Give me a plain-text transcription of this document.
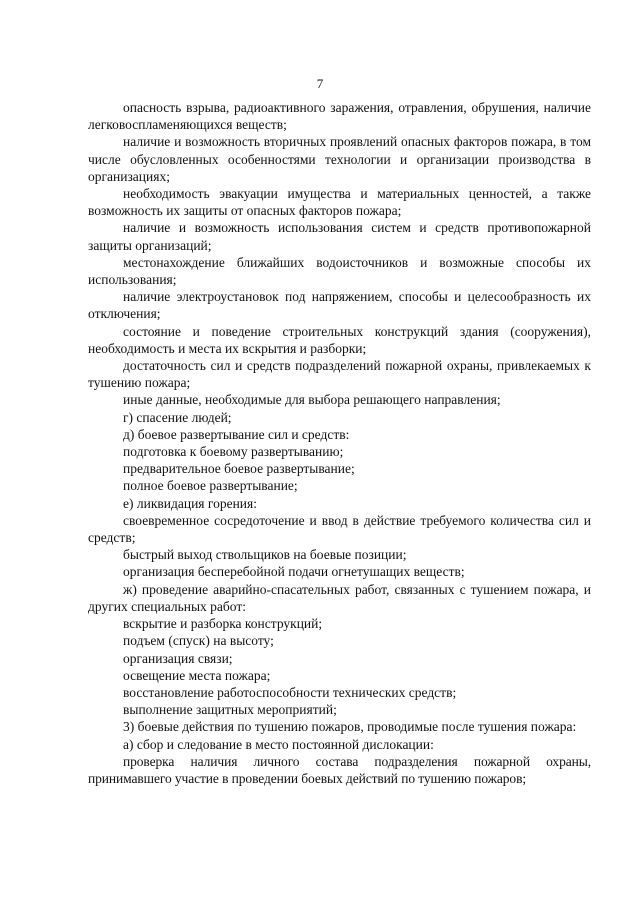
7

опасность взрыва, радиоактивного заражения, отравления, обрушения, наличие легковоспламеняющихся веществ;

наличие и возможность вторичных проявлений опасных факторов пожара, в том числе обусловленных особенностями технологии и организации производства в организациях;

необходимость эвакуации имущества и материальных ценностей, а также возможность их защиты от опасных факторов пожара;

наличие и возможность использования систем и средств противопожарной защиты организаций;

местонахождение ближайших водоисточников и возможные способы их использования;

наличие электроустановок под напряжением, способы и целесообразность их отключения;

состояние и поведение строительных конструкций здания (сооружения), необходимость и места их вскрытия и разборки;

достаточность сил и средств подразделений пожарной охраны, привлекаемых к тушению пожара;

иные данные, необходимые для выбора решающего направления;

г) спасение людей;

д) боевое развертывание сил и средств:

подготовка к боевому развертыванию;

предварительное боевое развертывание;

полное боевое развертывание;

е) ликвидация горения:

своевременное сосредоточение и ввод в действие требуемого количества сил и средств;

быстрый выход ствольщиков на боевые позиции;

организация бесперебойной подачи огнетушащих веществ;

ж) проведение аварийно-спасательных работ, связанных с тушением пожара, и других специальных работ:

вскрытие и разборка конструкций;

подъем (спуск) на высоту;

организация связи;

освещение места пожара;

восстановление работоспособности технических средств;

выполнение защитных мероприятий;

3) боевые действия по тушению пожаров, проводимые после тушения пожара:

а) сбор и следование в место постоянной дислокации:

проверка наличия личного состава подразделения пожарной охраны, принимавшего участие в проведении боевых действий по тушению пожаров;
